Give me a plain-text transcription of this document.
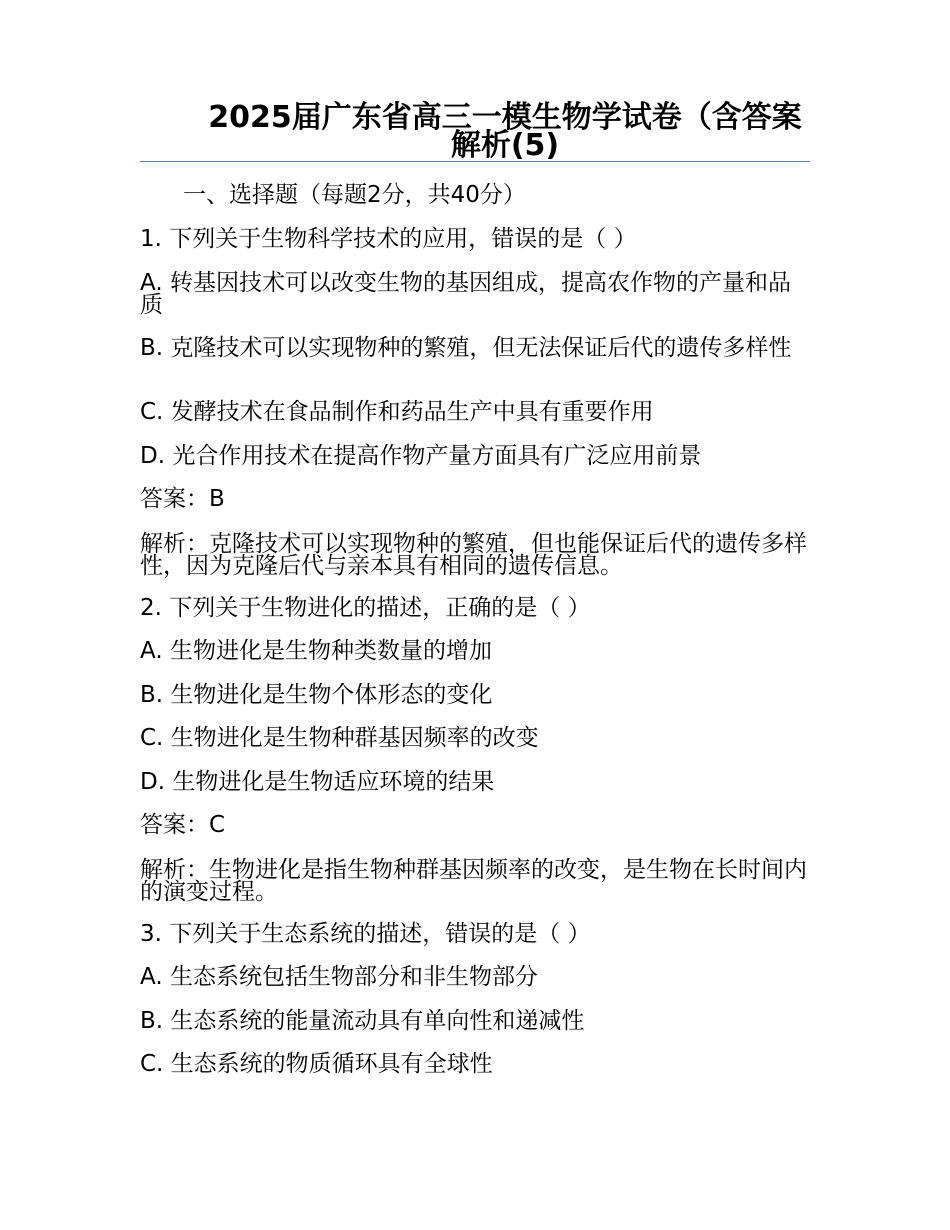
2025届广东省高三一模生物学试卷（含答案解析(5)
一、选择题（每题2分，共40分）
1. 下列关于生物科学技术的应用，错误的是（ ）
A. 转基因技术可以改变生物的基因组成，提高农作物的产量和品质
B. 克隆技术可以实现物种的繁殖，但无法保证后代的遗传多样性
C. 发酵技术在食品制作和药品生产中具有重要作用
D. 光合作用技术在提高作物产量方面具有广泛应用前景
答案：B
解析：克隆技术可以实现物种的繁殖，但也能保证后代的遗传多样性，因为克隆后代与亲本具有相同的遗传信息。
2. 下列关于生物进化的描述，正确的是（ ）
A. 生物进化是生物种类数量的增加
B. 生物进化是生物个体形态的变化
C. 生物进化是生物种群基因频率的改变
D. 生物进化是生物适应环境的结果
答案：C
解析：生物进化是指生物种群基因频率的改变，是生物在长时间内的演变过程。
3. 下列关于生态系统的描述，错误的是（ ）
A. 生态系统包括生物部分和非生物部分
B. 生态系统的能量流动具有单向性和递减性
C. 生态系统的物质循环具有全球性
